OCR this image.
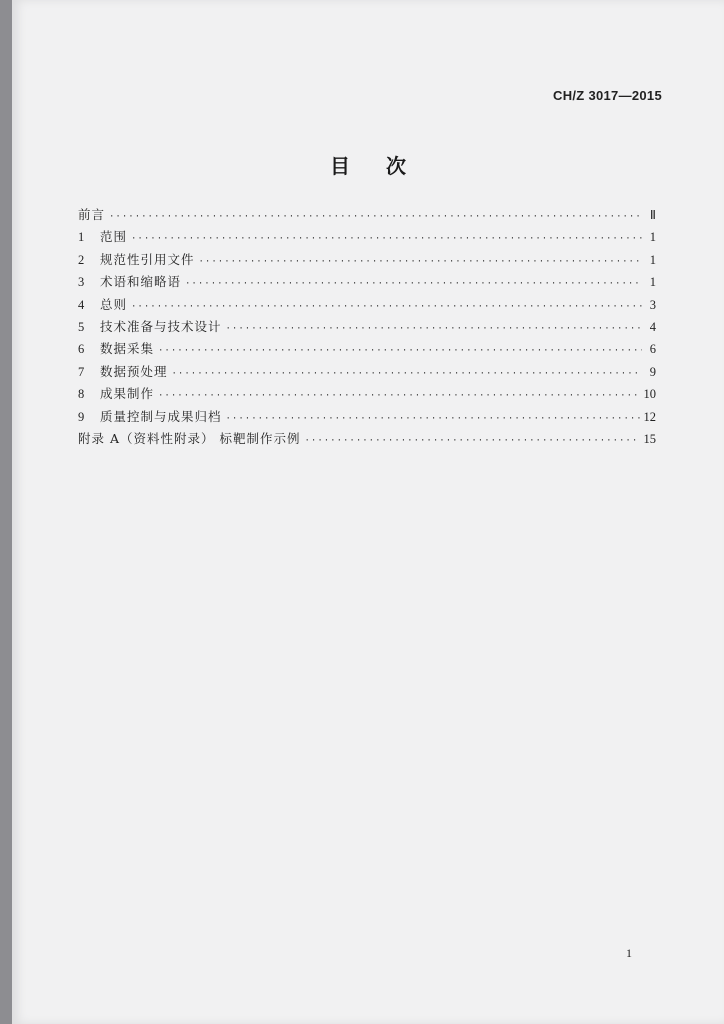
CH/Z 3017—2015
目次
前言 ·····	Ⅱ
1	范围 ·····	1
2	规范性引用文件 ·····	1
3	术语和缩略语 ·····	1
4	总则 ·····	3
5	技术准备与技术设计 ·····	4
6	数据采集 ·····	6
7	数据预处理 ·····	9
8	成果制作 ·····	10
9	质量控制与成果归档 ·····	12
附录 A（资料性附录） 标靶制作示例 ·····	15
1
